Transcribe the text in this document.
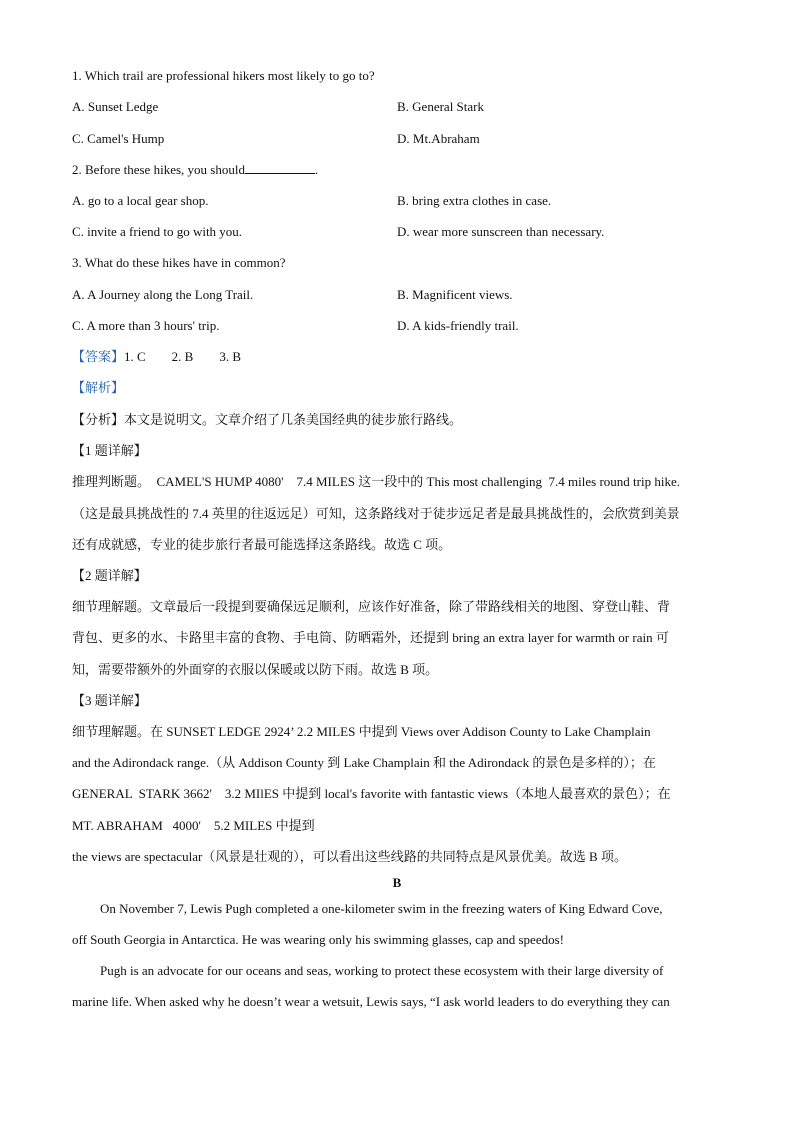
1. Which trail are professional hikers most likely to go to?
A. Sunset Ledge	B. General Stark
C. Camel's Hump	D. Mt.Abraham
2. Before these hikes, you should	.
A. go to a local gear shop.	B. bring extra clothes in case.
C. invite a friend to go with you.	D. wear more sunscreen than necessary.
3. What do these hikes have in common?
A. A Journey along the Long Trail.	B. Magnificent views.
C. A more than 3 hours' trip.	D. A kids-friendly trail.
【答案】1. C        2. B        3. B
【解析】
【分析】本文是说明文。文章介绍了几条美国经典的徒步旅行路线。
【1 题详解】
推理判断题。  CAMEL'S HUMP 4080'    7.4 MILES 这一段中的 This most challenging  7.4 miles round trip hike.
（这是最具挑战性的 7.4 英里的往返远足）可知，这条路线对于徒步远足者是最具挑战性的，会欣赏到美景
还有成就感，专业的徒步旅行者最可能选择这条路线。故选 C 项。
【2 题详解】
细节理解题。文章最后一段提到要确保远足顺利，应该作好准备，除了带路线相关的地图、穿登山鞋、背
背包、更多的水、卡路里丰富的食物、手电筒、防晒霜外，还提到 bring an extra layer for warmth or rain 可
知，需要带额外的外面穿的衣服以保暖或以防下雨。故选 B 项。
【3 题详解】
细节理解题。在 SUNSET LEDGE 2924’ 2.2 MILES 中提到 Views over Addison County to Lake Champlain
and the Adirondack range.（从 Addison County 到 Lake Champlain 和 the Adirondack 的景色是多样的）；在
GENERAL  STARK 3662'    3.2 MIlES 中提到 local's favorite with fantastic views（本地人最喜欢的景色）；在
MT. ABRAHAM   4000'    5.2 MILES 中提到
the views are spectacular（风景是壮观的），可以看出这些线路的共同特点是风景优美。故选 B 项。
B
On November 7, Lewis Pugh completed a one-kilometer swim in the freezing waters of King Edward Cove,
off South Georgia in Antarctica. He was wearing only his swimming glasses, cap and speedos!
Pugh is an advocate for our oceans and seas, working to protect these ecosystem with their large diversity of
marine life. When asked why he doesn’t wear a wetsuit, Lewis says, “I ask world leaders to do everything they can
